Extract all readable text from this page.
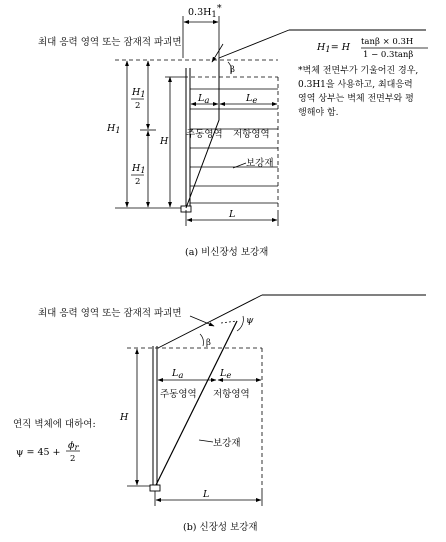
0.3H1*
H1= H tanβ × 0.3H
1 − 0.3tanβ
최대 응력 영역 또는 잠재적 파괴면
β	*벽체 전면부가 기울어진 경우,
0.3H1을 사용하고, 최대응력
영역 상부는 벽체 전면부와 평
행해야 함.
La	Le
주동영역 저항영역
보강재
H1
2
H1
2
H1
H
L
(a) 비신장성 보강재
최대 응력 영역 또는 잠재적 파괴면
β
ψ
La	Le
주동영역 저항영역
H
연직 벽체에 대하여:
ψ = 45 +
ϕr
2
보강재
L
(b) 신장성 보강재
